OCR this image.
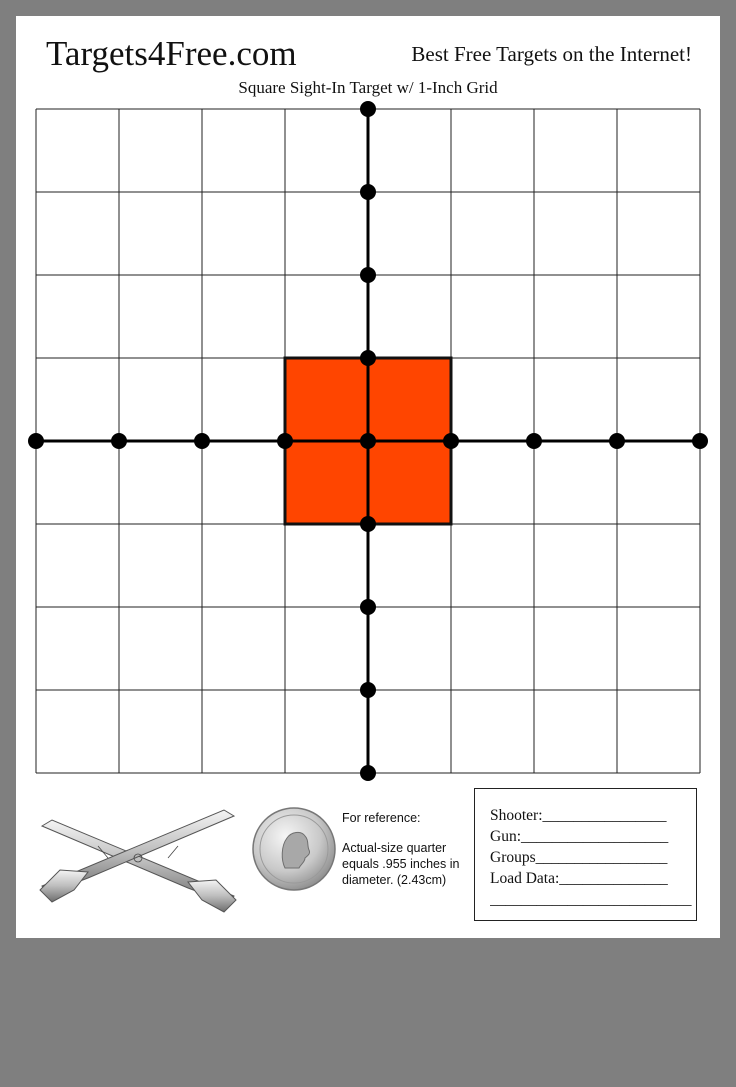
Targets4Free.com	Best Free Targets on the Internet!
Square Sight-In Target w/ 1-Inch Grid
For reference:
Actual-size quarter equals .955 inches in diameter. (2.43cm)
Shooter:________________
Gun:___________________
Groups_________________
Load Data:______________
__________________________
